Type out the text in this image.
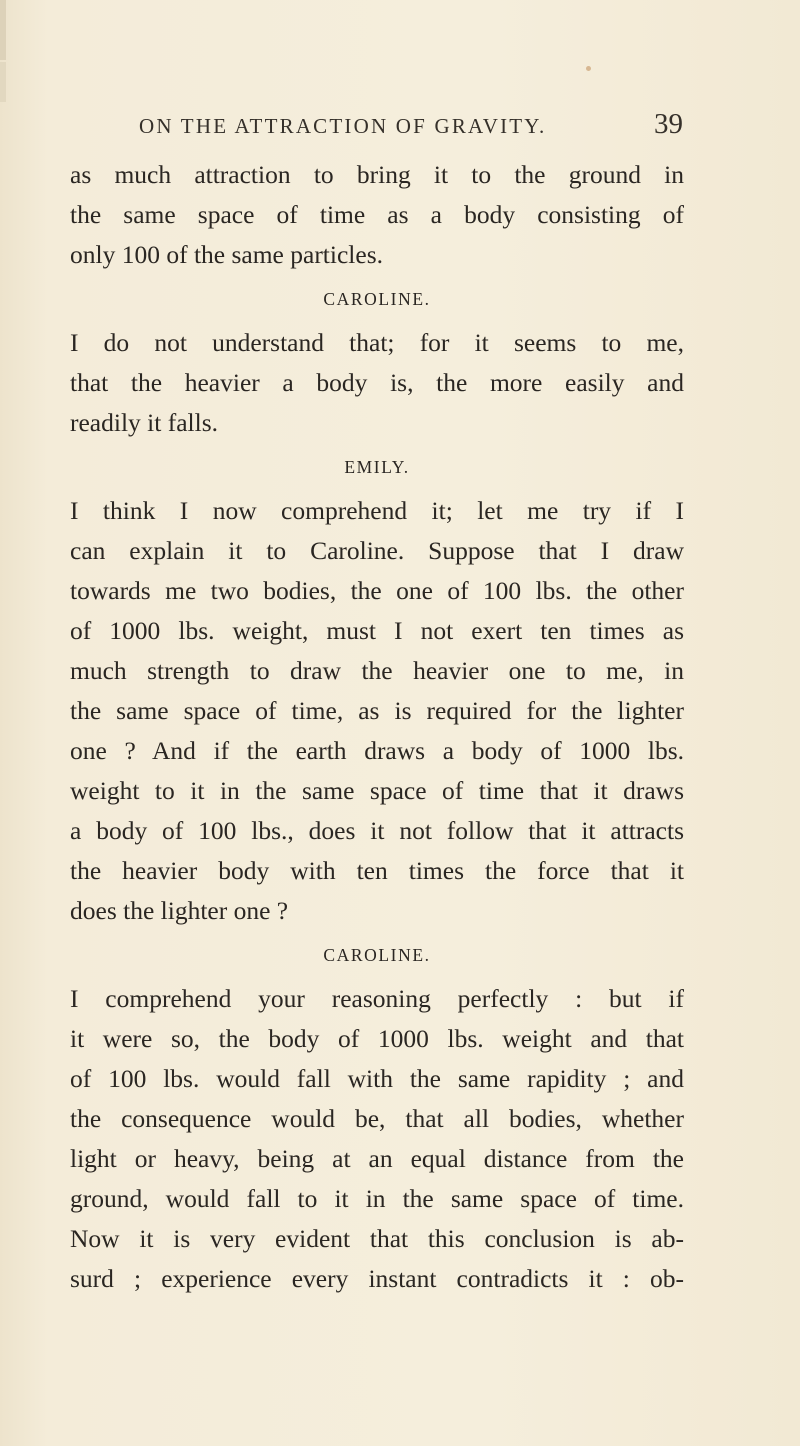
ON THE ATTRACTION OF GRAVITY.	39
as much attraction to bring it to the ground in
the same space of time as a body consisting of
only 100 of the same particles.
CAROLINE.
I do not understand that; for it seems to me,
that the heavier a body is, the more easily and
readily it falls.
EMILY.
I think I now comprehend it; let me try if I
can explain it to Caroline. Suppose that I draw
towards me two bodies, the one of 100 lbs. the other
of 1000 lbs. weight, must I not exert ten times as
much strength to draw the heavier one to me, in
the same space of time, as is required for the lighter
one ? And if the earth draws a body of 1000 lbs.
weight to it in the same space of time that it draws
a body of 100 lbs., does it not follow that it attracts
the heavier body with ten times the force that it
does the lighter one ?
CAROLINE.
I comprehend your reasoning perfectly : but if
it were so, the body of 1000 lbs. weight and that
of 100 lbs. would fall with the same rapidity ; and
the consequence would be, that all bodies, whether
light or heavy, being at an equal distance from the
ground, would fall to it in the same space of time.
Now it is very evident that this conclusion is ab-
surd ; experience every instant contradicts it : ob-
